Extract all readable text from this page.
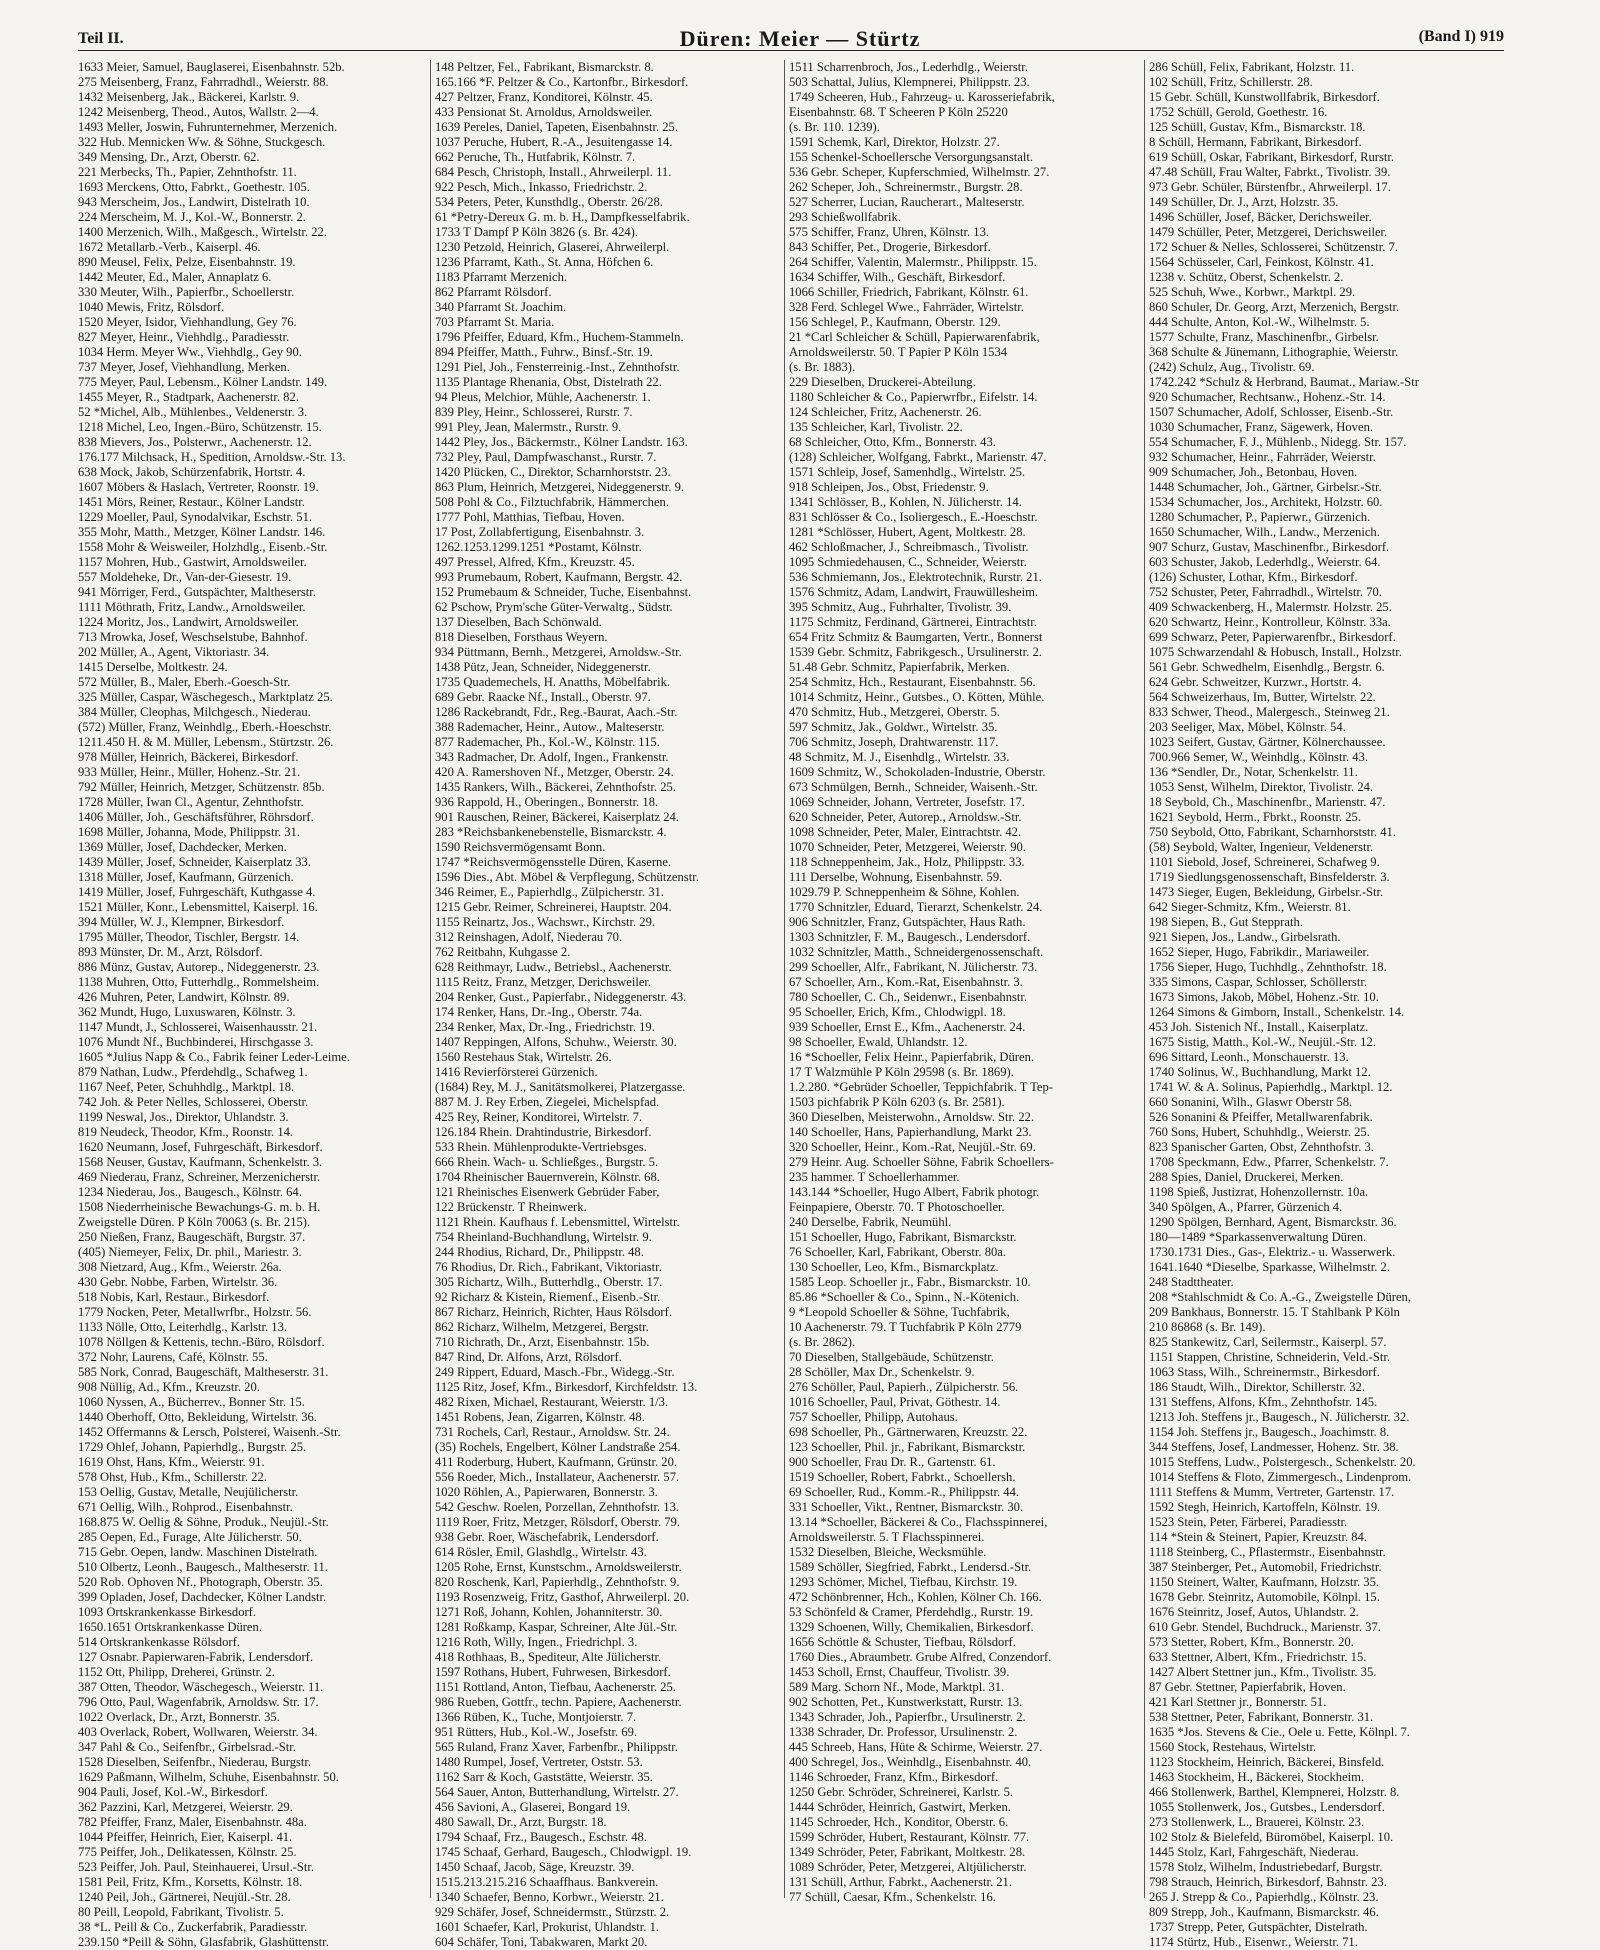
Teil II.	Düren: Meier — Stürtz	(Band I) 919
1633 Meier, Samuel, Bauglaserei, Eisenbahnstr. 52b.
275 Meisenberg, Franz, Fahrradhdl., Weierstr. 88.
1432 Meisenberg, Jak., Bäckerei, Karlstr. 9.
1242 Meisenberg, Theod., Autos, Wallstr. 2—4.
1493 Meller, Joswin, Fuhrunternehmer, Merzenich.
322 Hub. Mennicken Ww. & Söhne, Stuckgesch.
349 Mensing, Dr., Arzt, Oberstr. 62.
221 Merbecks, Th., Papier, Zehnthofstr. 11.
1693 Merckens, Otto, Fabrkt., Goethestr. 105.
943 Merscheim, Jos., Landwirt, Distelrath 10.
224 Merscheim, M. J., Kol.-W., Bonnerstr. 2.
1400 Merzenich, Wilh., Maßgesch., Wirtelstr. 22.
1672 Metallarb.-Verb., Kaiserpl. 46.
890 Meusel, Felix, Pelze, Eisenbahnstr. 19.
1442 Meuter, Ed., Maler, Annaplatz 6.
330 Meuter, Wilh., Papierfbr., Schoellerstr.
1040 Mewis, Fritz, Rölsdorf.
1520 Meyer, Isidor, Viehhandlung, Gey 76.
827 Meyer, Heinr., Viehhdlg., Paradiesstr.
1034 Herm. Meyer Ww., Viehhdlg., Gey 90.
737 Meyer, Josef, Viehhandlung, Merken.
775 Meyer, Paul, Lebensm., Kölner Landstr. 149.
1455 Meyer, R., Stadtpark, Aachenerstr. 82.
52 *Michel, Alb., Mühlenbes., Veldenerstr. 3.
1218 Michel, Leo, Ingen.-Büro, Schützenstr. 15.
838 Mievers, Jos., Polsterwr., Aachenerstr. 12.
176.177 Milchsack, H., Spedition, Arnoldsw.-Str. 13.
638 Mock, Jakob, Schürzenfabrik, Hortstr. 4.
1607 Möbers & Haslach, Vertreter, Roonstr. 19.
1451 Mörs, Reiner, Restaur., Kölner Landstr.
1229 Moeller, Paul, Synodalvikar, Eschstr. 51.
355 Mohr, Matth., Metzger, Kölner Landstr. 146.
1558 Mohr & Weisweiler, Holzhdlg., Eisenb.-Str.
1157 Mohren, Hub., Gastwirt, Arnoldsweiler.
557 Moldeheke, Dr., Van-der-Giesestr. 19.
941 Mörriger, Ferd., Gutspächter, Maltheserstr.
1111 Möthrath, Fritz, Landw., Arnoldsweiler.
1224 Moritz, Jos., Landwirt, Arnoldsweiler.
713 Mrowka, Josef, Weschselstube, Bahnhof.
202 Müller, A., Agent, Viktoriastr. 34.
1415 Derselbe, Moltkestr. 24.
572 Müller, B., Maler, Eberh.-Goesch-Str.
325 Müller, Caspar, Wäschegesch., Marktplatz 25.
384 Müller, Cleophas, Milchgesch., Niederau.
(572) Müller, Franz, Weinhdlg., Eberh.-Hoeschstr.
1211.450 H. & M. Müller, Lebensm., Stürtzstr. 26.
978 Müller, Heinrich, Bäckerei, Birkesdorf.
933 Müller, Heinr., Müller, Hohenz.-Str. 21.
792 Müller, Heinrich, Metzger, Schützenstr. 85b.
1728 Müller, Iwan Cl., Agentur, Zehnthofstr.
1406 Müller, Joh., Geschäftsführer, Röhrsdorf.
1698 Müller, Johanna, Mode, Philippstr. 31.
1369 Müller, Josef, Dachdecker, Merken.
1439 Müller, Josef, Schneider, Kaiserplatz 33.
1318 Müller, Josef, Kaufmann, Gürzenich.
1419 Müller, Josef, Fuhrgeschäft, Kuthgasse 4.
1521 Müller, Konr., Lebensmittel, Kaiserpl. 16.
394 Müller, W. J., Klempner, Birkesdorf.
1795 Müller, Theodor, Tischler, Bergstr. 14.
893 Münster, Dr. M., Arzt, Rölsdorf.
886 Münz, Gustav, Autorep., Nideggenerstr. 23.
1138 Muhren, Otto, Futterhdlg., Rommelsheim.
426 Muhren, Peter, Landwirt, Kölnstr. 89.
362 Mundt, Hugo, Luxuswaren, Kölnstr. 3.
1147 Mundt, J., Schlosserei, Waisenhausstr. 21.
1076 Mundt Nf., Buchbinderei, Hirschgasse 3.
1605 *Julius Napp & Co., Fabrik feiner Leder-Leime.
879 Nathan, Ludw., Pferdehdlg., Schafweg 1.
1167 Neef, Peter, Schuhhdlg., Marktpl. 18.
742 Joh. & Peter Nelles, Schlosserei, Oberstr.
1199 Neswal, Jos., Direktor, Uhlandstr. 3.
819 Neudeck, Theodor, Kfm., Roonstr. 14.
1620 Neumann, Josef, Fuhrgeschäft, Birkesdorf.
1568 Neuser, Gustav, Kaufmann, Schenkelstr. 3.
469 Niederau, Franz, Schreiner, Merzenicherstr.
1234 Niederau, Jos., Baugesch., Kölnstr. 64.
1508 Niederrheinische Bewachungs-G. m. b. H.
Zweigstelle Düren. P Köln 70063 (s. Br. 215).
250 Nießen, Franz, Baugeschäft, Burgstr. 37.
(405) Niemeyer, Felix, Dr. phil., Mariestr. 3.
308 Nietzard, Aug., Kfm., Weierstr. 26a.
430 Gebr. Nobbe, Farben, Wirtelstr. 36.
518 Nobis, Karl, Restaur., Birkesdorf.
1779 Nocken, Peter, Metallwrfbr., Holzstr. 56.
1133 Nölle, Otto, Leiterhdlg., Karlstr. 13.
1078 Nöllgen & Kettenis, techn.-Büro, Rölsdorf.
372 Nohr, Laurens, Café, Kölnstr. 55.
585 Nork, Conrad, Baugeschäft, Maltheserstr. 31.
908 Nüllig, Ad., Kfm., Kreuzstr. 20.
1060 Nyssen, A., Bücherrev., Bonner Str. 15.
1440 Oberhoff, Otto, Bekleidung, Wirtelstr. 36.
1452 Offermanns & Lersch, Polsterei, Waisenh.-Str.
1729 Ohlef, Johann, Papierhdlg., Burgstr. 25.
1619 Ohst, Hans, Kfm., Weierstr. 91.
578 Ohst, Hub., Kfm., Schillerstr. 22.
153 Oellig, Gustav, Metalle, Neujülicherstr.
671 Oellig, Wilh., Rohprod., Eisenbahnstr.
168.875 W. Oellig & Söhne, Produk., Neujül.-Str.
285 Oepen, Ed., Furage, Alte Jülicherstr. 50.
715 Gebr. Oepen, landw. Maschinen Distelrath.
510 Olbertz, Leonh., Baugesch., Maltheserstr. 11.
520 Rob. Ophoven Nf., Photograph, Oberstr. 35.
399 Opladen, Josef, Dachdecker, Kölner Landstr.
1093 Ortskrankenkasse Birkesdorf.
1650.1651 Ortskrankenkasse Düren.
514 Ortskrankenkasse Rölsdorf.
127 Osnabr. Papierwaren-Fabrik, Lendersdorf.
1152 Ott, Philipp, Dreherei, Grünstr. 2.
387 Otten, Theodor, Wäschegesch., Weierstr. 11.
796 Otto, Paul, Wagenfabrik, Arnoldsw. Str. 17.
1022 Overlack, Dr., Arzt, Bonnerstr. 35.
403 Overlack, Robert, Wollwaren, Weierstr. 34.
347 Pahl & Co., Seifenfbr., Girbelsrad.-Str.
1528 Dieselben, Seifenfbr., Niederau, Burgstr.
1629 Paßmann, Wilhelm, Schuhe, Eisenbahnstr. 50.
904 Pauli, Josef, Kol.-W., Birkesdorf.
362 Pazzini, Karl, Metzgerei, Weierstr. 29.
782 Pfeiffer, Franz, Maler, Eisenbahnstr. 48a.
1044 Pfeiffer, Heinrich, Eier, Kaiserpl. 41.
775 Peiffer, Joh., Delikatessen, Kölnstr. 25.
523 Peiffer, Joh. Paul, Steinhauerei, Ursul.-Str.
1581 Peil, Fritz, Kfm., Korsetts, Kölnstr. 18.
1240 Peil, Joh., Gärtnerei, Neujül.-Str. 28.
80 Peill, Leopold, Fabrikant, Tivolistr. 5.
38 *L. Peill & Co., Zuckerfabrik, Paradiesstr.
239.150 *Peill & Söhn, Glasfabrik, Glashüttenstr.
148 Peltzer, Fel., Fabrikant, Bismarckstr. 8.
165.166 *F. Peltzer & Co., Kartonfbr., Birkesdorf.
427 Peltzer, Franz, Konditorei, Kölnstr. 45.
433 Pensionat St. Arnoldus, Arnoldsweiler.
1639 Pereles, Daniel, Tapeten, Eisenbahnstr. 25.
1037 Peruche, Hubert, R.-A., Jesuitengasse 14.
662 Peruche, Th., Hutfabrik, Kölnstr. 7.
684 Pesch, Christoph, Install., Ahrweilerpl. 11.
922 Pesch, Mich., Inkasso, Friedrichstr. 2.
534 Peters, Peter, Kunsthdlg., Oberstr. 26/28.
61 *Petry-Dereux G. m. b. H., Dampfkesselfabrik.
1733 T Dampf P Köln 3826 (s. Br. 424).
1230 Petzold, Heinrich, Glaserei, Ahrweilerpl.
1236 Pfarramt, Kath., St. Anna, Höfchen 6.
1183 Pfarramt Merzenich.
862 Pfarramt Rölsdorf.
340 Pfarramt St. Joachim.
703 Pfarramt St. Maria.
1796 Pfeiffer, Eduard, Kfm., Huchem-Stammeln.
894 Pfeiffer, Matth., Fuhrw., Binsf.-Str. 19.
1291 Piel, Joh., Fensterreinig.-Inst., Zehnthofstr.
1135 Plantage Rhenania, Obst, Distelrath 22.
94 Pleus, Melchior, Mühle, Aachenerstr. 1.
839 Pley, Heinr., Schlosserei, Rurstr. 7.
991 Pley, Jean, Malermstr., Rurstr. 9.
1442 Pley, Jos., Bäckermstr., Kölner Landstr. 163.
732 Pley, Paul, Dampfwaschanst., Rurstr. 7.
1420 Plücken, C., Direktor, Scharnhorststr. 23.
863 Plum, Heinrich, Metzgerei, Nideggenerstr. 9.
508 Pohl & Co., Filztuchfabrik, Hämmerchen.
1777 Pohl, Matthias, Tiefbau, Hoven.
17 Post, Zollabfertigung, Eisenbahnstr. 3.
1262.1253.1299.1251 *Postamt, Kölnstr.
497 Pressel, Alfred, Kfm., Kreuzstr. 45.
993 Prumebaum, Robert, Kaufmann, Bergstr. 42.
152 Prumebaum & Schneider, Tuche, Eisenbahnst.
62 Pschow, Prym'sche Güter-Verwaltg., Südstr.
137 Dieselben, Bach Schönwald.
818 Dieselben, Forsthaus Weyern.
934 Püttmann, Bernh., Metzgerei, Arnoldsw.-Str.
1438 Pütz, Jean, Schneider, Nideggenerstr.
1735 Quademechels, H. Anatths, Möbelfabrik.
689 Gebr. Raacke Nf., Install., Oberstr. 97.
1286 Rackebrandt, Fdr., Reg.-Baurat, Aach.-Str.
388 Rademacher, Heinr., Autow., Malteserstr.
877 Rademacher, Ph., Kol.-W., Kölnstr. 115.
343 Radmacher, Dr. Adolf, Ingen., Frankenstr.
420 A. Ramershoven Nf., Metzger, Oberstr. 24.
1435 Rankers, Wilh., Bäckerei, Zehnthofstr. 25.
936 Rappold, H., Oberingen., Bonnerstr. 18.
901 Rauschen, Reiner, Bäckerei, Kaiserplatz 24.
283 *Reichsbankenebenstelle, Bismarckstr. 4.
1590 Reichsvermögensamt Bonn.
1747 *Reichsvermögensstelle Düren, Kaserne.
1596 Dies., Abt. Möbel & Verpflegung, Schützenstr.
346 Reimer, E., Papierhdlg., Zülpicherstr. 31.
1215 Gebr. Reimer, Schreinerei, Hauptstr. 204.
1155 Reinartz, Jos., Wachswr., Kirchstr. 29.
312 Reinshagen, Adolf, Niederau 70.
762 Reitbahn, Kuhgasse 2.
628 Reithmayr, Ludw., Betriebsl., Aachenerstr.
1115 Reitz, Franz, Metzger, Derichsweiler.
204 Renker, Gust., Papierfabr., Nideggenerstr. 43.
174 Renker, Hans, Dr.-Ing., Oberstr. 74a.
234 Renker, Max, Dr.-Ing., Friedrichstr. 19.
1407 Reppingen, Alfons, Schuhw., Weierstr. 30.
1560 Restehaus Stak, Wirtelstr. 26.
1416 Revierförsterei Gürzenich.
(1684) Rey, M. J., Sanitätsmolkerei, Platzergasse.
887 M. J. Rey Erben, Ziegelei, Michelspfad.
425 Rey, Reiner, Konditorei, Wirtelstr. 7.
126.184 Rhein. Drahtindustrie, Birkesdorf.
533 Rhein. Mühlenprodukte-Vertriebsges.
666 Rhein. Wach- u. Schließges., Burgstr. 5.
1704 Rheinischer Bauernverein, Kölnstr. 68.
121 Rheinisches Eisenwerk Gebrüder Faber,
122 Brückenstr. T Rheinwerk.
1121 Rhein. Kaufhaus f. Lebensmittel, Wirtelstr.
754 Rheinland-Buchhandlung, Wirtelstr. 9.
244 Rhodius, Richard, Dr., Philippstr. 48.
76 Rhodius, Dr. Rich., Fabrikant, Viktoriastr.
305 Richartz, Wilh., Butterhdlg., Oberstr. 17.
92 Richarz & Kistein, Riemenf., Eisenb.-Str.
867 Richarz, Heinrich, Richter, Haus Rölsdorf.
862 Richarz, Wilhelm, Metzgerei, Bergstr.
710 Richrath, Dr., Arzt, Eisenbahnstr. 15b.
847 Rind, Dr. Alfons, Arzt, Rölsdorf.
249 Rippert, Eduard, Masch.-Fbr., Widegg.-Str.
1125 Ritz, Josef, Kfm., Birkesdorf, Kirchfeldstr. 13.
482 Rixen, Michael, Restaurant, Weierstr. 1/3.
1451 Robens, Jean, Zigarren, Kölnstr. 48.
731 Rochels, Carl, Restaur., Arnoldsw. Str. 24.
(35) Rochels, Engelbert, Kölner Landstraße 254.
411 Roderburg, Hubert, Kaufmann, Grünstr. 20.
556 Roeder, Mich., Installateur, Aachenerstr. 57.
1020 Röhlen, A., Papierwaren, Bonnerstr. 3.
542 Geschw. Roelen, Porzellan, Zehnthofstr. 13.
1119 Roer, Fritz, Metzger, Rölsdorf, Oberstr. 79.
938 Gebr. Roer, Wäschefabrik, Lendersdorf.
614 Rösler, Emil, Glashdlg., Wirtelstr. 43.
1205 Rohe, Ernst, Kunstschm., Arnoldsweilerstr.
820 Roschenk, Karl, Papierhdlg., Zehnthofstr. 9.
1193 Rosenzweig, Fritz, Gasthof, Ahrweilerpl. 20.
1271 Roß, Johann, Kohlen, Johanniterstr. 30.
1281 Roßkamp, Kaspar, Schreiner, Alte Jül.-Str.
1216 Roth, Willy, Ingen., Friedrichpl. 3.
418 Rothhaas, B., Spediteur, Alte Jülicherstr.
1597 Rothans, Hubert, Fuhrwesen, Birkesdorf.
1151 Rottland, Anton, Tiefbau, Aachenerstr. 25.
986 Rueben, Gottfr., techn. Papiere, Aachenerstr.
1366 Rüben, K., Tuche, Montjoierstr. 7.
951 Rütters, Hub., Kol.-W., Josefstr. 69.
565 Ruland, Franz Xaver, Farbenfbr., Philippstr.
1480 Rumpel, Josef, Vertreter, Oststr. 53.
1162 Sarr & Koch, Gaststätte, Weierstr. 35.
564 Sauer, Anton, Butterhandlung, Wirtelstr. 27.
456 Savioni, A., Glaserei, Bongard 19.
480 Sawall, Dr., Arzt, Burgstr. 18.
1794 Schaaf, Frz., Baugesch., Eschstr. 48.
1745 Schaaf, Gerhard, Baugesch., Chlodwigpl. 19.
1450 Schaaf, Jacob, Säge, Kreuzstr. 39.
1515.213.215.216 Schaaffhaus. Bankverein.
1340 Schaefer, Benno, Korbwr., Weierstr. 21.
929 Schäfer, Josef, Schneidermstr., Stürzstr. 2.
1601 Schaefer, Karl, Prokurist, Uhlandstr. 1.
604 Schäfer, Toni, Tabakwaren, Markt 20.
1511 Scharrenbroch, Jos., Lederhdlg., Weierstr.
503 Schattal, Julius, Klempnerei, Philippstr. 23.
1749 Scheeren, Hub., Fahrzeug- u. Karosseriefabrik,
Eisenbahnstr. 68. T Scheeren P Köln 25220
(s. Br. 110. 1239).
1591 Schemk, Karl, Direktor, Holzstr. 27.
155 Schenkel-Schoellersche Versorgungsanstalt.
536 Gebr. Scheper, Kupferschmied, Wilhelmstr. 27.
262 Scheper, Joh., Schreinermstr., Burgstr. 28.
527 Scherrer, Lucian, Raucherart., Malteserstr.
293 Schießwollfabrik.
575 Schiffer, Franz, Uhren, Kölnstr. 13.
843 Schiffer, Pet., Drogerie, Birkesdorf.
264 Schiffer, Valentin, Malermstr., Philippstr. 15.
1634 Schiffer, Wilh., Geschäft, Birkesdorf.
1066 Schiller, Friedrich, Fabrikant, Kölnstr. 61.
328 Ferd. Schlegel Wwe., Fahrräder, Wirtelstr.
156 Schlegel, P., Kaufmann, Oberstr. 129.
21 *Carl Schleicher & Schüll, Papierwarenfabrik,
Arnoldsweilerstr. 50. T Papier P Köln 1534
(s. Br. 1883).
229 Dieselben, Druckerei-Abteilung.
1180 Schleicher & Co., Papierwrfbr., Eifelstr. 14.
124 Schleicher, Fritz, Aachenerstr. 26.
135 Schleicher, Karl, Tivolistr. 22.
68 Schleicher, Otto, Kfm., Bonnerstr. 43.
(128) Schleicher, Wolfgang, Fabrkt., Marienstr. 47.
1571 Schleip, Josef, Samenhdlg., Wirtelstr. 25.
918 Schleipen, Jos., Obst, Friedenstr. 9.
1341 Schlösser, B., Kohlen, N. Jülicherstr. 14.
831 Schlösser & Co., Isoliergesch., E.-Hoeschstr.
1281 *Schlösser, Hubert, Agent, Moltkestr. 28.
462 Schloßmacher, J., Schreibmasch., Tivolistr.
1095 Schmiedehausen, C., Schneider, Weierstr.
536 Schmiemann, Jos., Elektrotechnik, Rurstr. 21.
1576 Schmitz, Adam, Landwirt, Frauwüllesheim.
395 Schmitz, Aug., Fuhrhalter, Tivolistr. 39.
1175 Schmitz, Ferdinand, Gärtnerei, Eintrachtstr.
654 Fritz Schmitz & Baumgarten, Vertr., Bonnerst
1539 Gebr. Schmitz, Fabrikgesch., Ursulinerstr. 2.
51.48 Gebr. Schmitz, Papierfabrik, Merken.
254 Schmitz, Hch., Restaurant, Eisenbahnstr. 56.
1014 Schmitz, Heinr., Gutsbes., O. Kötten, Mühle.
470 Schmitz, Hub., Metzgerei, Oberstr. 5.
597 Schmitz, Jak., Goldwr., Wirtelstr. 35.
706 Schmitz, Joseph, Drahtwarenstr. 117.
48 Schmitz, M. J., Eisenhdlg., Wirtelstr. 33.
1609 Schmitz, W., Schokoladen-Industrie, Oberstr.
673 Schmülgen, Bernh., Schneider, Waisenh.-Str.
1069 Schneider, Johann, Vertreter, Josefstr. 17.
620 Schneider, Peter, Autorep., Arnoldsw.-Str.
1098 Schneider, Peter, Maler, Eintrachtstr. 42.
1070 Schneider, Peter, Metzgerei, Weierstr. 90.
118 Schneppenheim, Jak., Holz, Philippstr. 33.
111 Derselbe, Wohnung, Eisenbahnstr. 59.
1029.79 P. Schneppenheim & Söhne, Kohlen.
1770 Schnitzler, Eduard, Tierarzt, Schenkelstr. 24.
906 Schnitzler, Franz, Gutspächter, Haus Rath.
1303 Schnitzler, F. M., Baugesch., Lendersdorf.
1032 Schnitzler, Matth., Schneidergenossenschaft.
299 Schoeller, Alfr., Fabrikant, N. Jülicherstr. 73.
67 Schoeller, Arn., Kom.-Rat, Eisenbahnstr. 3.
780 Schoeller, C. Ch., Seidenwr., Eisenbahnstr.
95 Schoeller, Erich, Kfm., Chlodwigpl. 18.
939 Schoeller, Ernst E., Kfm., Aachenerstr. 24.
98 Schoeller, Ewald, Uhlandstr. 12.
16 *Schoeller, Felix Heinr., Papierfabrik, Düren.
17 T Walzmühle P Köln 29598 (s. Br. 1869).
1.2.280. *Gebrüder Schoeller, Teppichfabrik. T Tep-
1503 pichfabrik P Köln 6203 (s. Br. 2581).
360 Dieselben, Meisterwohn., Arnoldsw. Str. 22.
140 Schoeller, Hans, Papierhandlung, Markt 23.
320 Schoeller, Heinr., Kom.-Rat, Neujül.-Str. 69.
279 Heinr. Aug. Schoeller Söhne, Fabrik Schoellers-
235 hammer. T Schoellerhammer.
143.144 *Schoeller, Hugo Albert, Fabrik photogr.
Feinpapiere, Oberstr. 70. T Photoschoeller.
240 Derselbe, Fabrik, Neumühl.
151 Schoeller, Hugo, Fabrikant, Bismarckstr.
76 Schoeller, Karl, Fabrikant, Oberstr. 80a.
130 Schoeller, Leo, Kfm., Bismarckplatz.
1585 Leop. Schoeller jr., Fabr., Bismarckstr. 10.
85.86 *Schoeller & Co., Spinn., N.-Kötenich.
9 *Leopold Schoeller & Söhne, Tuchfabrik,
10 Aachenerstr. 79. T Tuchfabrik P Köln 2779
(s. Br. 2862).
70 Dieselben, Stallgebäude, Schützenstr.
28 Schöller, Max Dr., Schenkelstr. 9.
276 Schöller, Paul, Papierh., Zülpicherstr. 56.
1016 Schoeller, Paul, Privat, Göthestr. 14.
757 Schoeller, Philipp, Autohaus.
698 Schoeller, Ph., Gärtnerwaren, Kreuzstr. 22.
123 Schoeller, Phil. jr., Fabrikant, Bismarckstr.
900 Schoeller, Frau Dr. R., Gartenstr. 61.
1519 Schoeller, Robert, Fabrkt., Schoellersh.
69 Schoeller, Rud., Komm.-R., Philippstr. 44.
331 Schoeller, Vikt., Rentner, Bismarckstr. 30.
13.14 *Schoeller, Bäckerei & Co., Flachsspinnerei,
Arnoldsweilerstr. 5. T Flachsspinnerei.
1532 Dieselben, Bleiche, Wecksmühle.
1589 Schöller, Siegfried, Fabrkt., Lendersd.-Str.
1293 Schömer, Michel, Tiefbau, Kirchstr. 19.
472 Schönbrenner, Hch., Kohlen, Kölner Ch. 166.
53 Schönfeld & Cramer, Pferdehdlg., Rurstr. 19.
1329 Schoenen, Willy, Chemikalien, Birkesdorf.
1656 Schöttle & Schuster, Tiefbau, Rölsdorf.
1760 Dies., Abraumbetr. Grube Alfred, Conzendorf.
1453 Scholl, Ernst, Chauffeur, Tivolistr. 39.
589 Marg. Schorn Nf., Mode, Marktpl. 31.
902 Schotten, Pet., Kunstwerkstatt, Rurstr. 13.
1343 Schrader, Joh., Papierfbr., Ursulinerstr. 2.
1338 Schrader, Dr. Professor, Ursulinenstr. 2.
445 Schreeb, Hans, Hüte & Schirme, Weierstr. 27.
400 Schregel, Jos., Weinhdlg., Eisenbahnstr. 40.
1146 Schroeder, Franz, Kfm., Birkesdorf.
1250 Gebr. Schröder, Schreinerei, Karlstr. 5.
1444 Schröder, Heinrich, Gastwirt, Merken.
1145 Schroeder, Hch., Konditor, Oberstr. 6.
1599 Schröder, Hubert, Restaurant, Kölnstr. 77.
1349 Schröder, Peter, Fabrikant, Moltkestr. 28.
1089 Schröder, Peter, Metzgerei, Altjülicherstr.
131 Schüll, Arthur, Fabrkt., Aachenerstr. 21.
77 Schüll, Caesar, Kfm., Schenkelstr. 16.
286 Schüll, Felix, Fabrikant, Holzstr. 11.
102 Schüll, Fritz, Schillerstr. 28.
15 Gebr. Schüll, Kunstwollfabrik, Birkesdorf.
1752 Schüll, Gerold, Goethestr. 16.
125 Schüll, Gustav, Kfm., Bismarckstr. 18.
8 Schüll, Hermann, Fabrikant, Birkesdorf.
619 Schüll, Oskar, Fabrikant, Birkesdorf, Rurstr.
47.48 Schüll, Frau Walter, Fabrkt., Tivolistr. 39.
973 Gebr. Schüler, Bürstenfbr., Ahrweilerpl. 17.
149 Schüller, Dr. J., Arzt, Holzstr. 35.
1496 Schüller, Josef, Bäcker, Derichsweiler.
1479 Schüller, Peter, Metzgerei, Derichsweiler.
172 Schuer & Nelles, Schlosserei, Schützenstr. 7.
1564 Schüsseler, Carl, Feinkost, Kölnstr. 41.
1238 v. Schütz, Oberst, Schenkelstr. 2.
525 Schuh, Wwe., Korbwr., Marktpl. 29.
860 Schuler, Dr. Georg, Arzt, Merzenich, Bergstr.
444 Schulte, Anton, Kol.-W., Wilhelmstr. 5.
1577 Schulte, Franz, Maschinenfbr., Girbelsr.
368 Schulte & Jünemann, Lithographie, Weierstr.
(242) Schulz, Aug., Tivolistr. 69.
1742.242 *Schulz & Herbrand, Baumat., Mariaw.-Str
920 Schumacher, Rechtsanw., Hohenz.-Str. 14.
1507 Schumacher, Adolf, Schlosser, Eisenb.-Str.
1030 Schumacher, Franz, Sägewerk, Hoven.
554 Schumacher, F. J., Mühlenb., Nidegg. Str. 157.
932 Schumacher, Heinr., Fahrräder, Weierstr.
909 Schumacher, Joh., Betonbau, Hoven.
1448 Schumacher, Joh., Gärtner, Girbelsr.-Str.
1534 Schumacher, Jos., Architekt, Holzstr. 60.
1280 Schumacher, P., Papierwr., Gürzenich.
1650 Schumacher, Wilh., Landw., Merzenich.
907 Schurz, Gustav, Maschinenfbr., Birkesdorf.
603 Schuster, Jakob, Lederhdlg., Weierstr. 64.
(126) Schuster, Lothar, Kfm., Birkesdorf.
752 Schuster, Peter, Fahrradhdl., Wirtelstr. 70.
409 Schwackenberg, H., Malermstr. Holzstr. 25.
620 Schwartz, Heinr., Kontrolleur, Kölnstr. 33a.
699 Schwarz, Peter, Papierwarenfbr., Birkesdorf.
1075 Schwarzendahl & Hobusch, Install., Holzstr.
561 Gebr. Schwedhelm, Eisenhdlg., Bergstr. 6.
624 Gebr. Schweitzer, Kurzwr., Hortstr. 4.
564 Schweizerhaus, Im, Butter, Wirtelstr. 22.
833 Schwer, Theod., Malergesch., Steinweg 21.
203 Seeliger, Max, Möbel, Kölnstr. 54.
1023 Seifert, Gustav, Gärtner, Kölnerchaussee.
700.966 Semer, W., Weinhdlg., Kölnstr. 43.
136 *Sendler, Dr., Notar, Schenkelstr. 11.
1053 Senst, Wilhelm, Direktor, Tivolistr. 24.
18 Seybold, Ch., Maschinenfbr., Marienstr. 47.
1621 Seybold, Herm., Fbrkt., Roonstr. 25.
750 Seybold, Otto, Fabrikant, Scharnhorststr. 41.
(58) Seybold, Walter, Ingenieur, Veldenerstr.
1101 Siebold, Josef, Schreinerei, Schafweg 9.
1719 Siedlungsgenossenschaft, Binsfelderstr. 3.
1473 Sieger, Eugen, Bekleidung, Girbelsr.-Str.
642 Sieger-Schmitz, Kfm., Weierstr. 81.
198 Siepen, B., Gut Stepprath.
921 Siepen, Jos., Landw., Girbelsrath.
1652 Sieper, Hugo, Fabrikdir., Mariaweiler.
1756 Sieper, Hugo, Tuchhdlg., Zehnthofstr. 18.
335 Simons, Caspar, Schlosser, Schöllerstr.
1673 Simons, Jakob, Möbel, Hohenz.-Str. 10.
1264 Simons & Gimborn, Install., Schenkelstr. 14.
453 Joh. Sistenich Nf., Install., Kaiserplatz.
1675 Sistig, Matth., Kol.-W., Neujül.-Str. 12.
696 Sittard, Leonh., Monschauerstr. 13.
1740 Solinus, W., Buchhandlung, Markt 12.
1741 W. & A. Solinus, Papierhdlg., Marktpl. 12.
660 Sonanini, Wilh., Glaswr Oberstr 58.
526 Sonanini & Pfeiffer, Metallwarenfabrik.
760 Sons, Hubert, Schuhhdlg., Weierstr. 25.
823 Spanischer Garten, Obst, Zehnthofstr. 3.
1708 Speckmann, Edw., Pfarrer, Schenkelstr. 7.
288 Spies, Daniel, Druckerei, Merken.
1198 Spieß, Justizrat, Hohenzollernstr. 10a.
340 Spölgen, A., Pfarrer, Gürzenich 4.
1290 Spölgen, Bernhard, Agent, Bismarckstr. 36.
180—1489 *Sparkassenverwaltung Düren.
1730.1731 Dies., Gas-, Elektriz.- u. Wasserwerk.
1641.1640 *Dieselbe, Sparkasse, Wilhelmstr. 2.
248 Stadttheater.
208 *Stahlschmidt & Co. A.-G., Zweigstelle Düren,
209 Bankhaus, Bonnerstr. 15. T Stahlbank P Köln
210 86868 (s. Br. 149).
825 Stankewitz, Carl, Seilermstr., Kaiserpl. 57.
1151 Stappen, Christine, Schneiderin, Veld.-Str.
1063 Stass, Wilh., Schreinermstr., Birkesdorf.
186 Staudt, Wilh., Direktor, Schillerstr. 32.
131 Steffens, Alfons, Kfm., Zehnthofstr. 145.
1213 Joh. Steffens jr., Baugesch., N. Jülicherstr. 32.
1154 Joh. Steffens jr., Baugesch., Joachimstr. 8.
344 Steffens, Josef, Landmesser, Hohenz. Str. 38.
1015 Steffens, Ludw., Polstergesch., Schenkelstr. 20.
1014 Steffens & Floto, Zimmergesch., Lindenprom.
1111 Steffens & Mumm, Vertreter, Gartenstr. 17.
1592 Stegh, Heinrich, Kartoffeln, Kölnstr. 19.
1523 Stein, Peter, Färberei, Paradiesstr.
114 *Stein & Steinert, Papier, Kreuzstr. 84.
1118 Steinberg, C., Pflastermstr., Eisenbahnstr.
387 Steinberger, Pet., Automobil, Friedrichstr.
1150 Steinert, Walter, Kaufmann, Holzstr. 35.
1678 Gebr. Steinritz, Automobile, Kölnpl. 15.
1676 Steinritz, Josef, Autos, Uhlandstr. 2.
610 Gebr. Stendel, Buchdruck., Marienstr. 37.
573 Stetter, Robert, Kfm., Bonnerstr. 20.
633 Stettner, Albert, Kfm., Friedrichstr. 15.
1427 Albert Stettner jun., Kfm., Tivolistr. 35.
87 Gebr. Stettner, Papierfabrik, Hoven.
421 Karl Stettner jr., Bonnerstr. 51.
538 Stettner, Peter, Fabrikant, Bonnerstr. 31.
1635 *Jos. Stevens & Cie., Oele u. Fette, Kölnpl. 7.
1560 Stock, Restehaus, Wirtelstr.
1123 Stockheim, Heinrich, Bäckerei, Binsfeld.
1463 Stockheim, H., Bäckerei, Stockheim.
466 Stollenwerk, Barthel, Klempnerei, Holzstr. 8.
1055 Stollenwerk, Jos., Gutsbes., Lendersdorf.
273 Stollenwerk, L., Brauerei, Kölnstr. 23.
102 Stolz & Bielefeld, Büromöbel, Kaiserpl. 10.
1445 Stolz, Karl, Fahrgeschäft, Niederau.
1578 Stolz, Wilhelm, Industriebedarf, Burgstr.
798 Strauch, Heinrich, Birkesdorf, Bahnstr. 23.
265 J. Strepp & Co., Papierhdlg., Kölnstr. 23.
809 Strepp, Joh., Kaufmann, Bismarckstr. 46.
1737 Strepp, Peter, Gutspächter, Distelrath.
1174 Stürtz, Hub., Eisenwr., Weierstr. 71.
